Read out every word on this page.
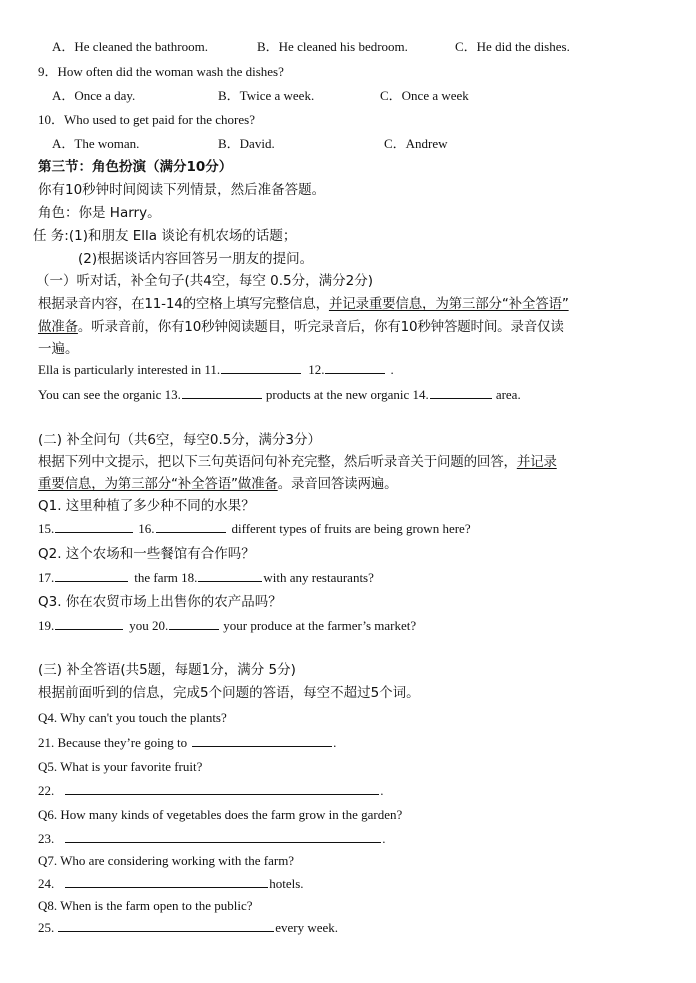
A．He cleaned the bathroom.	B．He cleaned his bedroom.	C．He did the dishes.
9．How often did the woman wash the dishes?
A．Once a day.	B．Twice a week.	C．Once a week
10．Who used to get paid for the chores?
A．The woman.	B．David.	C．Andrew
第三节：角色扮演（满分10分）
你有10秒钟时间阅读下列情景，然后准备答题。
角色：你是 Harry。
任 务:(1)和朋友 Ella 谈论有机农场的话题；
(2)根据谈话内容回答另一朋友的提问。
（一）听对话，补全句子(共4空，每空 0.5分，满分2分)
根据录音内容，在11-14的空格上填写完整信息，并记录重要信息，为第三部分“补全答语”
做准备。听录音前，你有10秒钟阅读题目，听完录音后，你有10秒钟答题时间。录音仅读
一遍。
Ella is particularly interested in 11.	12.	.
You can see the organic 13.	products at the new organic 14.	area.
(二) 补全问句（共6空，每空0.5分，满分3分）
根据下列中文提示，把以下三句英语问句补充完整，然后听录音关于问题的回答，并记录
重要信息，为第三部分“补全答语”做准备。录音回答读两遍。
Q1. 这里种植了多少种不同的水果？
15.	16.	different types of fruits are being grown here?
Q2. 这个农场和一些餐馆有合作吗？
17.	the farm 18.	with any restaurants?
Q3. 你在农贸市场上出售你的农产品吗？
19.	you 20.	your produce at the farmer’s market?
(三) 补全答语(共5题，每题1分，满分 5分)
根据前面听到的信息，完成5个问题的答语，每空不超过5个词。
Q4. Why can't you touch the plants?
21. Because they’re going to	.
Q5. What is your favorite fruit?
22.	.
Q6. How many kinds of vegetables does the farm grow in the garden?
23.	.
Q7. Who are considering working with the farm?
24.	hotels.
Q8. When is the farm open to the public?
25.	every week.
